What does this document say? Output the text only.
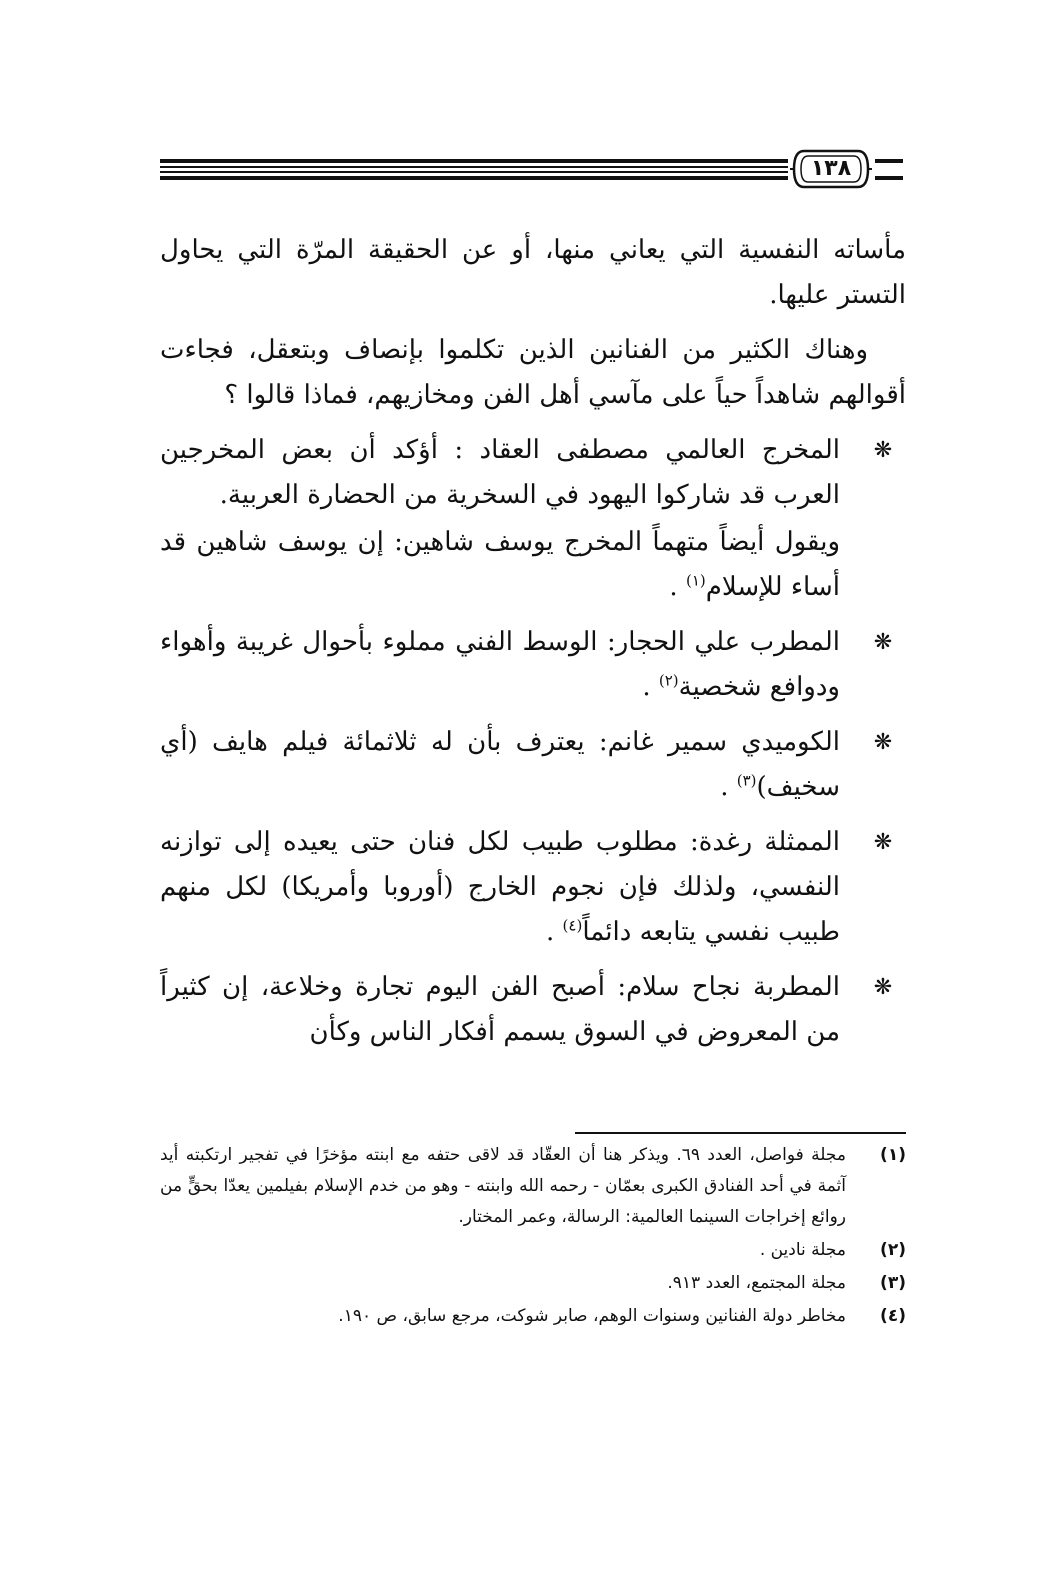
١٣٨

مأساته النفسية التي يعاني منها، أو عن الحقيقة المرّة التي يحاول التستر عليها.

وهناك الكثير من الفنانين الذين تكلموا بإنصاف وبتعقل، فجاءت أقوالهم شاهداً حياً على مآسي أهل الفن ومخازيهم، فماذا قالوا ؟

❋

المخرج العالمي مصطفى العقاد : أؤكد أن بعض المخرجين العرب قد شاركوا اليهود في السخرية من الحضارة العربية.

ويقول أيضاً متهماً المخرج يوسف شاهين: إن يوسف شاهين قد أساء للإسلام$^{(١)}$ .

❋

المطرب علي الحجار: الوسط الفني مملوء بأحوال غريبة وأهواء ودوافع شخصية$^{(٢)}$ .

❋

الكوميدي سمير غانم: يعترف بأن له ثلاثمائة فيلم هايف (أي سخيف)$^{(٣)}$ .

❋

الممثلة رغدة: مطلوب طبيب لكل فنان حتى يعيده إلى توازنه النفسي، ولذلك فإن نجوم الخارج (أوروبا وأمريكا) لكل منهم طبيب نفسي يتابعه دائماً$^{(٤)}$ .

❋

المطربة نجاح سلام: أصبح الفن اليوم تجارة وخلاعة، إن كثيراً من المعروض في السوق يسمم أفكار الناس وكأن

(١)
مجلة فواصل، العدد ٦٩. ويذكر هنا أن العقّاد قد لاقى حتفه مع ابنته مؤخرًا في تفجير ارتكبته أيد آثمة في أحد الفنادق الكبرى بعمّان - رحمه الله وابنته - وهو من خدم الإسلام بفيلمين يعدّا بحقٍّ من روائع إخراجات السينما العالمية: الرسالة، وعمر المختار.

(٢)
مجلة نادين .

(٣)
مجلة المجتمع، العدد ٩١٣.

(٤)
مخاطر دولة الفنانين وسنوات الوهم، صابر شوكت، مرجع سابق، ص ١٩٠.
